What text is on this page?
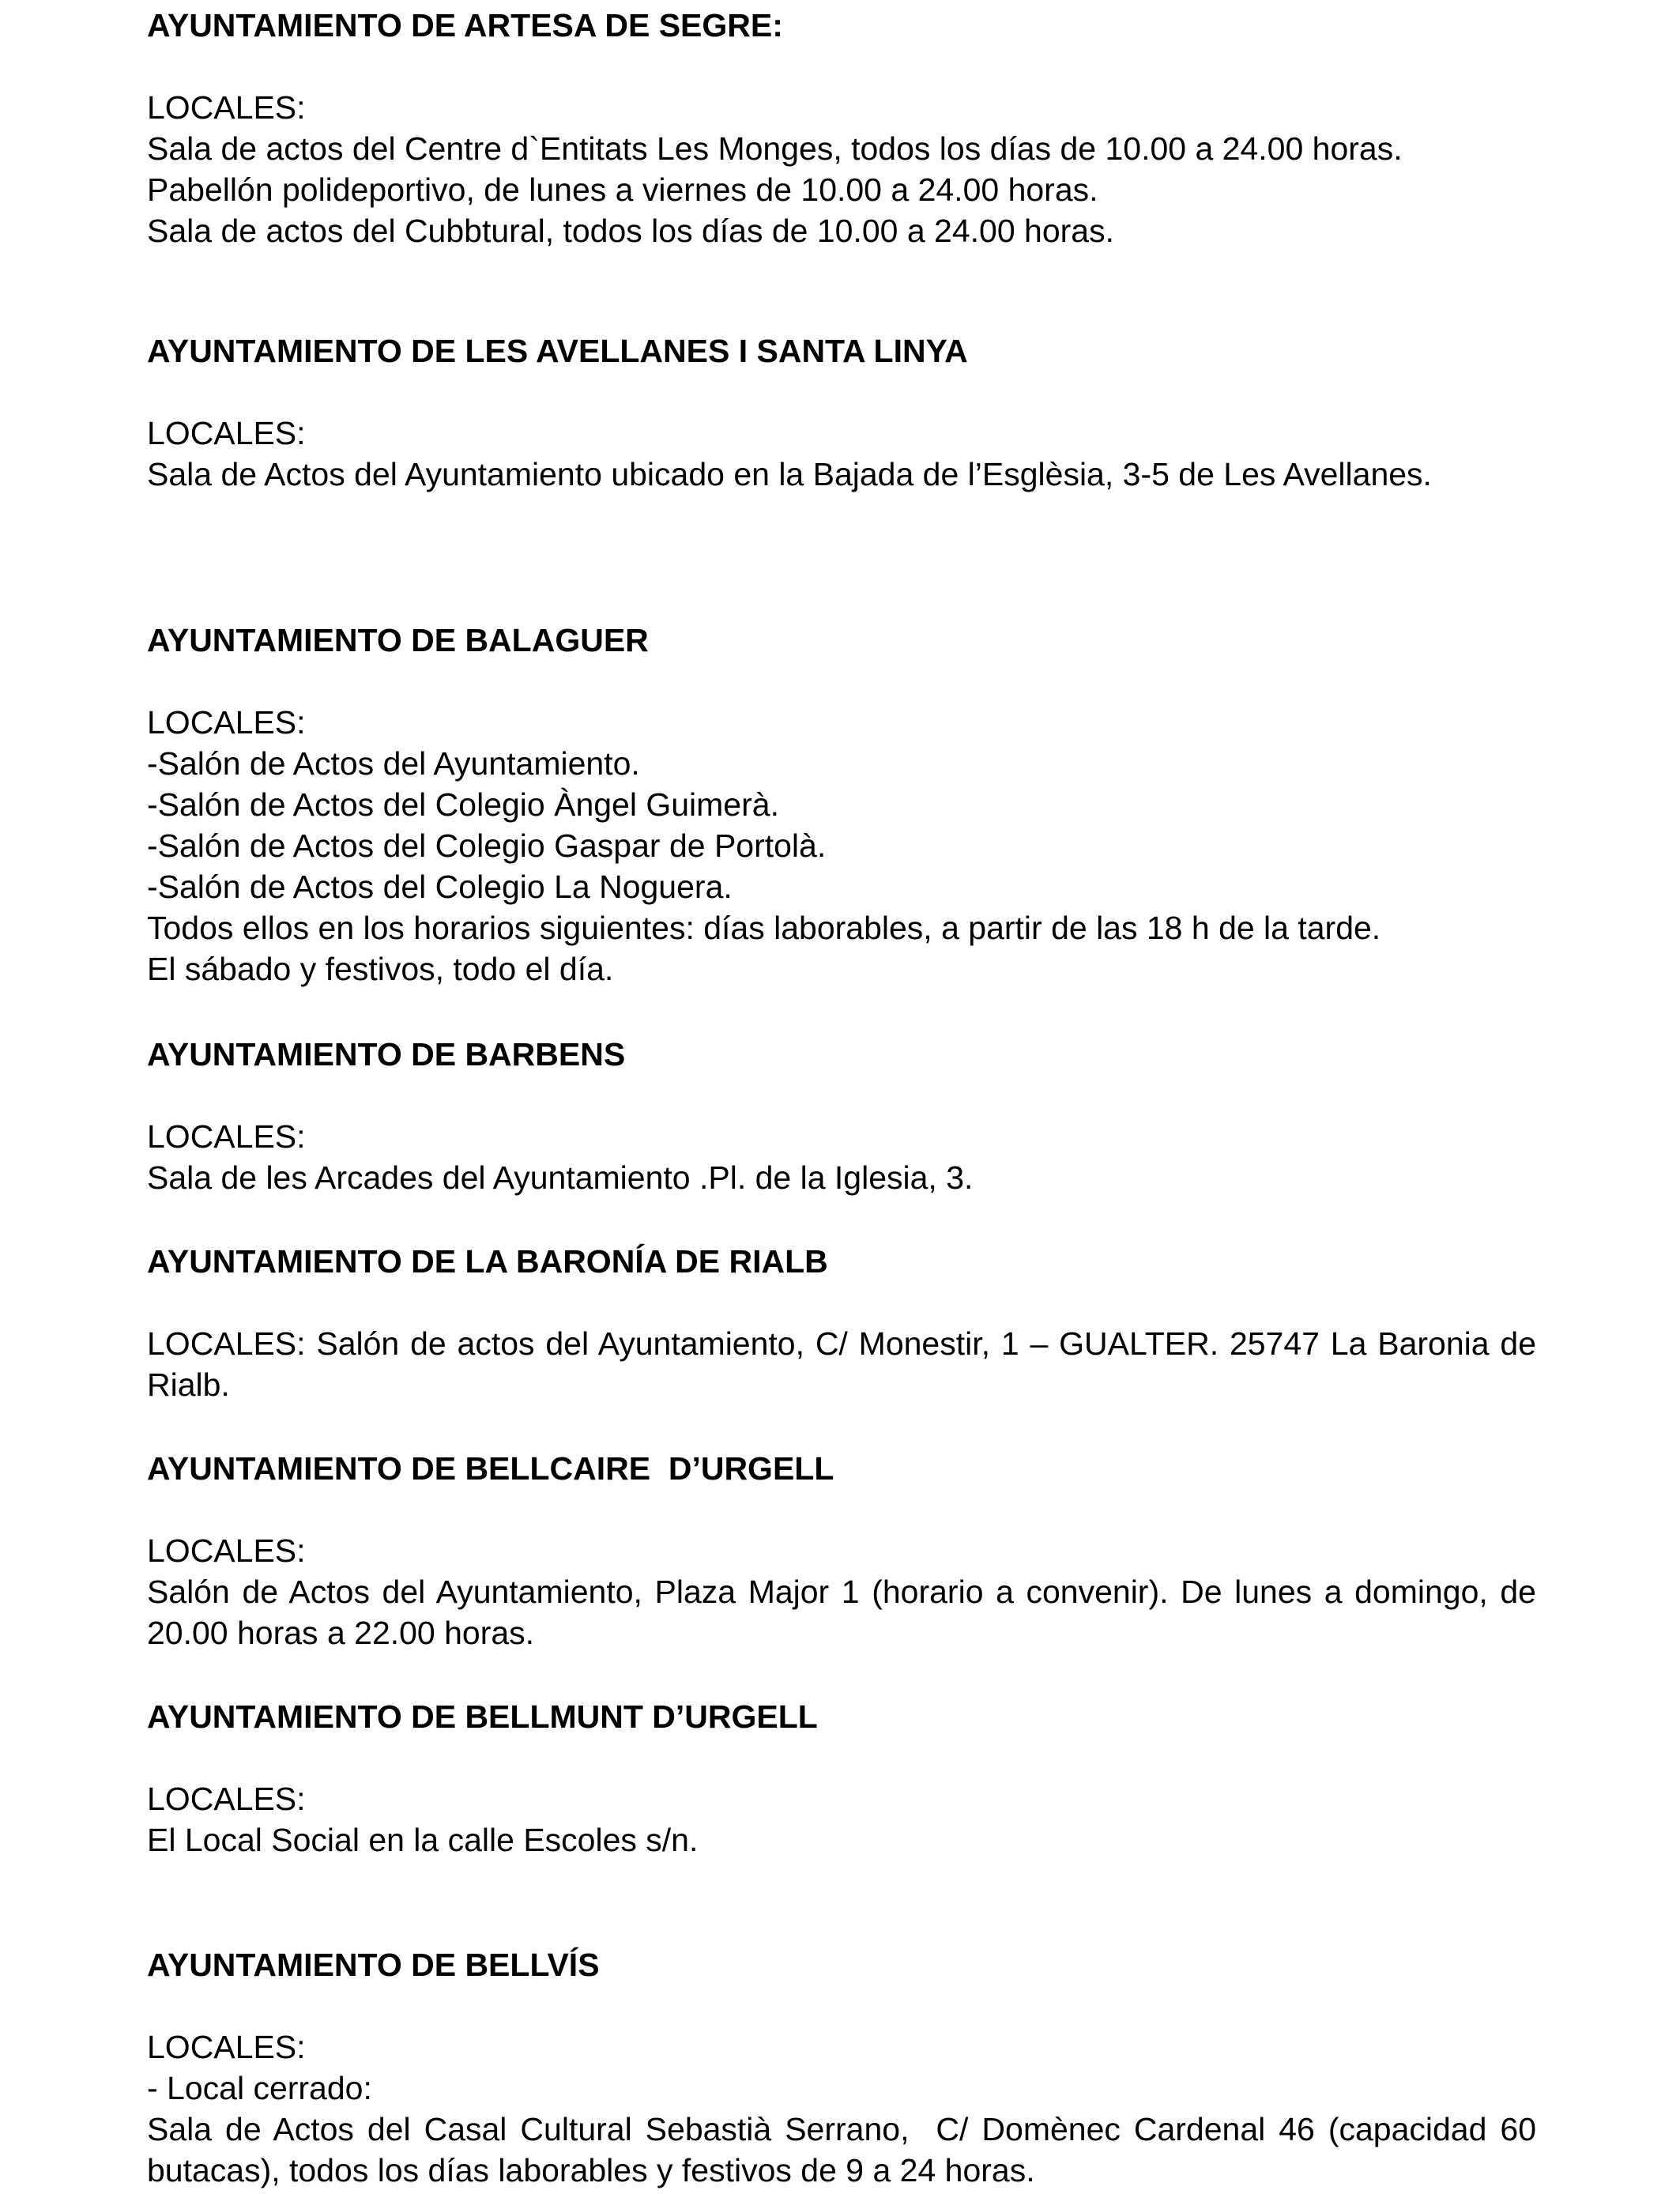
AYUNTAMIENTO DE ARTESA DE SEGRE:

LOCALES:

Sala de actos del Centre d`Entitats Les Monges, todos los días de 10.00 a 24.00 horas.

Pabellón polideportivo, de lunes a viernes de 10.00 a 24.00 horas.

Sala de actos del Cubbtural, todos los días de 10.00 a 24.00 horas.

AYUNTAMIENTO DE LES AVELLANES I SANTA LINYA

LOCALES:

Sala de Actos del Ayuntamiento ubicado en la Bajada de l’Esglèsia, 3-5 de Les Avellanes.

AYUNTAMIENTO DE BALAGUER

LOCALES:

-Salón de Actos del Ayuntamiento.

-Salón de Actos del Colegio Àngel Guimerà.

-Salón de Actos del Colegio Gaspar de Portolà.

-Salón de Actos del Colegio La Noguera.

Todos ellos en los horarios siguientes: días laborables, a partir de las 18 h de la tarde.

El sábado y festivos, todo el día.

AYUNTAMIENTO DE BARBENS

LOCALES:

Sala de les Arcades del Ayuntamiento .Pl. de la Iglesia, 3.

AYUNTAMIENTO DE LA BARONÍA DE RIALB

LOCALES: Salón de actos del Ayuntamiento, C/ Monestir, 1 – GUALTER. 25747 La Baronia de Rialb.

AYUNTAMIENTO DE BELLCAIRE  D’URGELL

LOCALES:

Salón de Actos del Ayuntamiento, Plaza Major 1 (horario a convenir). De lunes a domingo, de 20.00 horas a 22.00 horas.

AYUNTAMIENTO DE BELLMUNT D’URGELL

LOCALES:

El Local Social en la calle Escoles s/n.

AYUNTAMIENTO DE BELLVÍS

LOCALES:

- Local cerrado:

Sala de Actos del Casal Cultural Sebastià Serrano,  C/ Domènec Cardenal 46 (capacidad 60 butacas), todos los días laborables y festivos de 9 a 24 horas.
